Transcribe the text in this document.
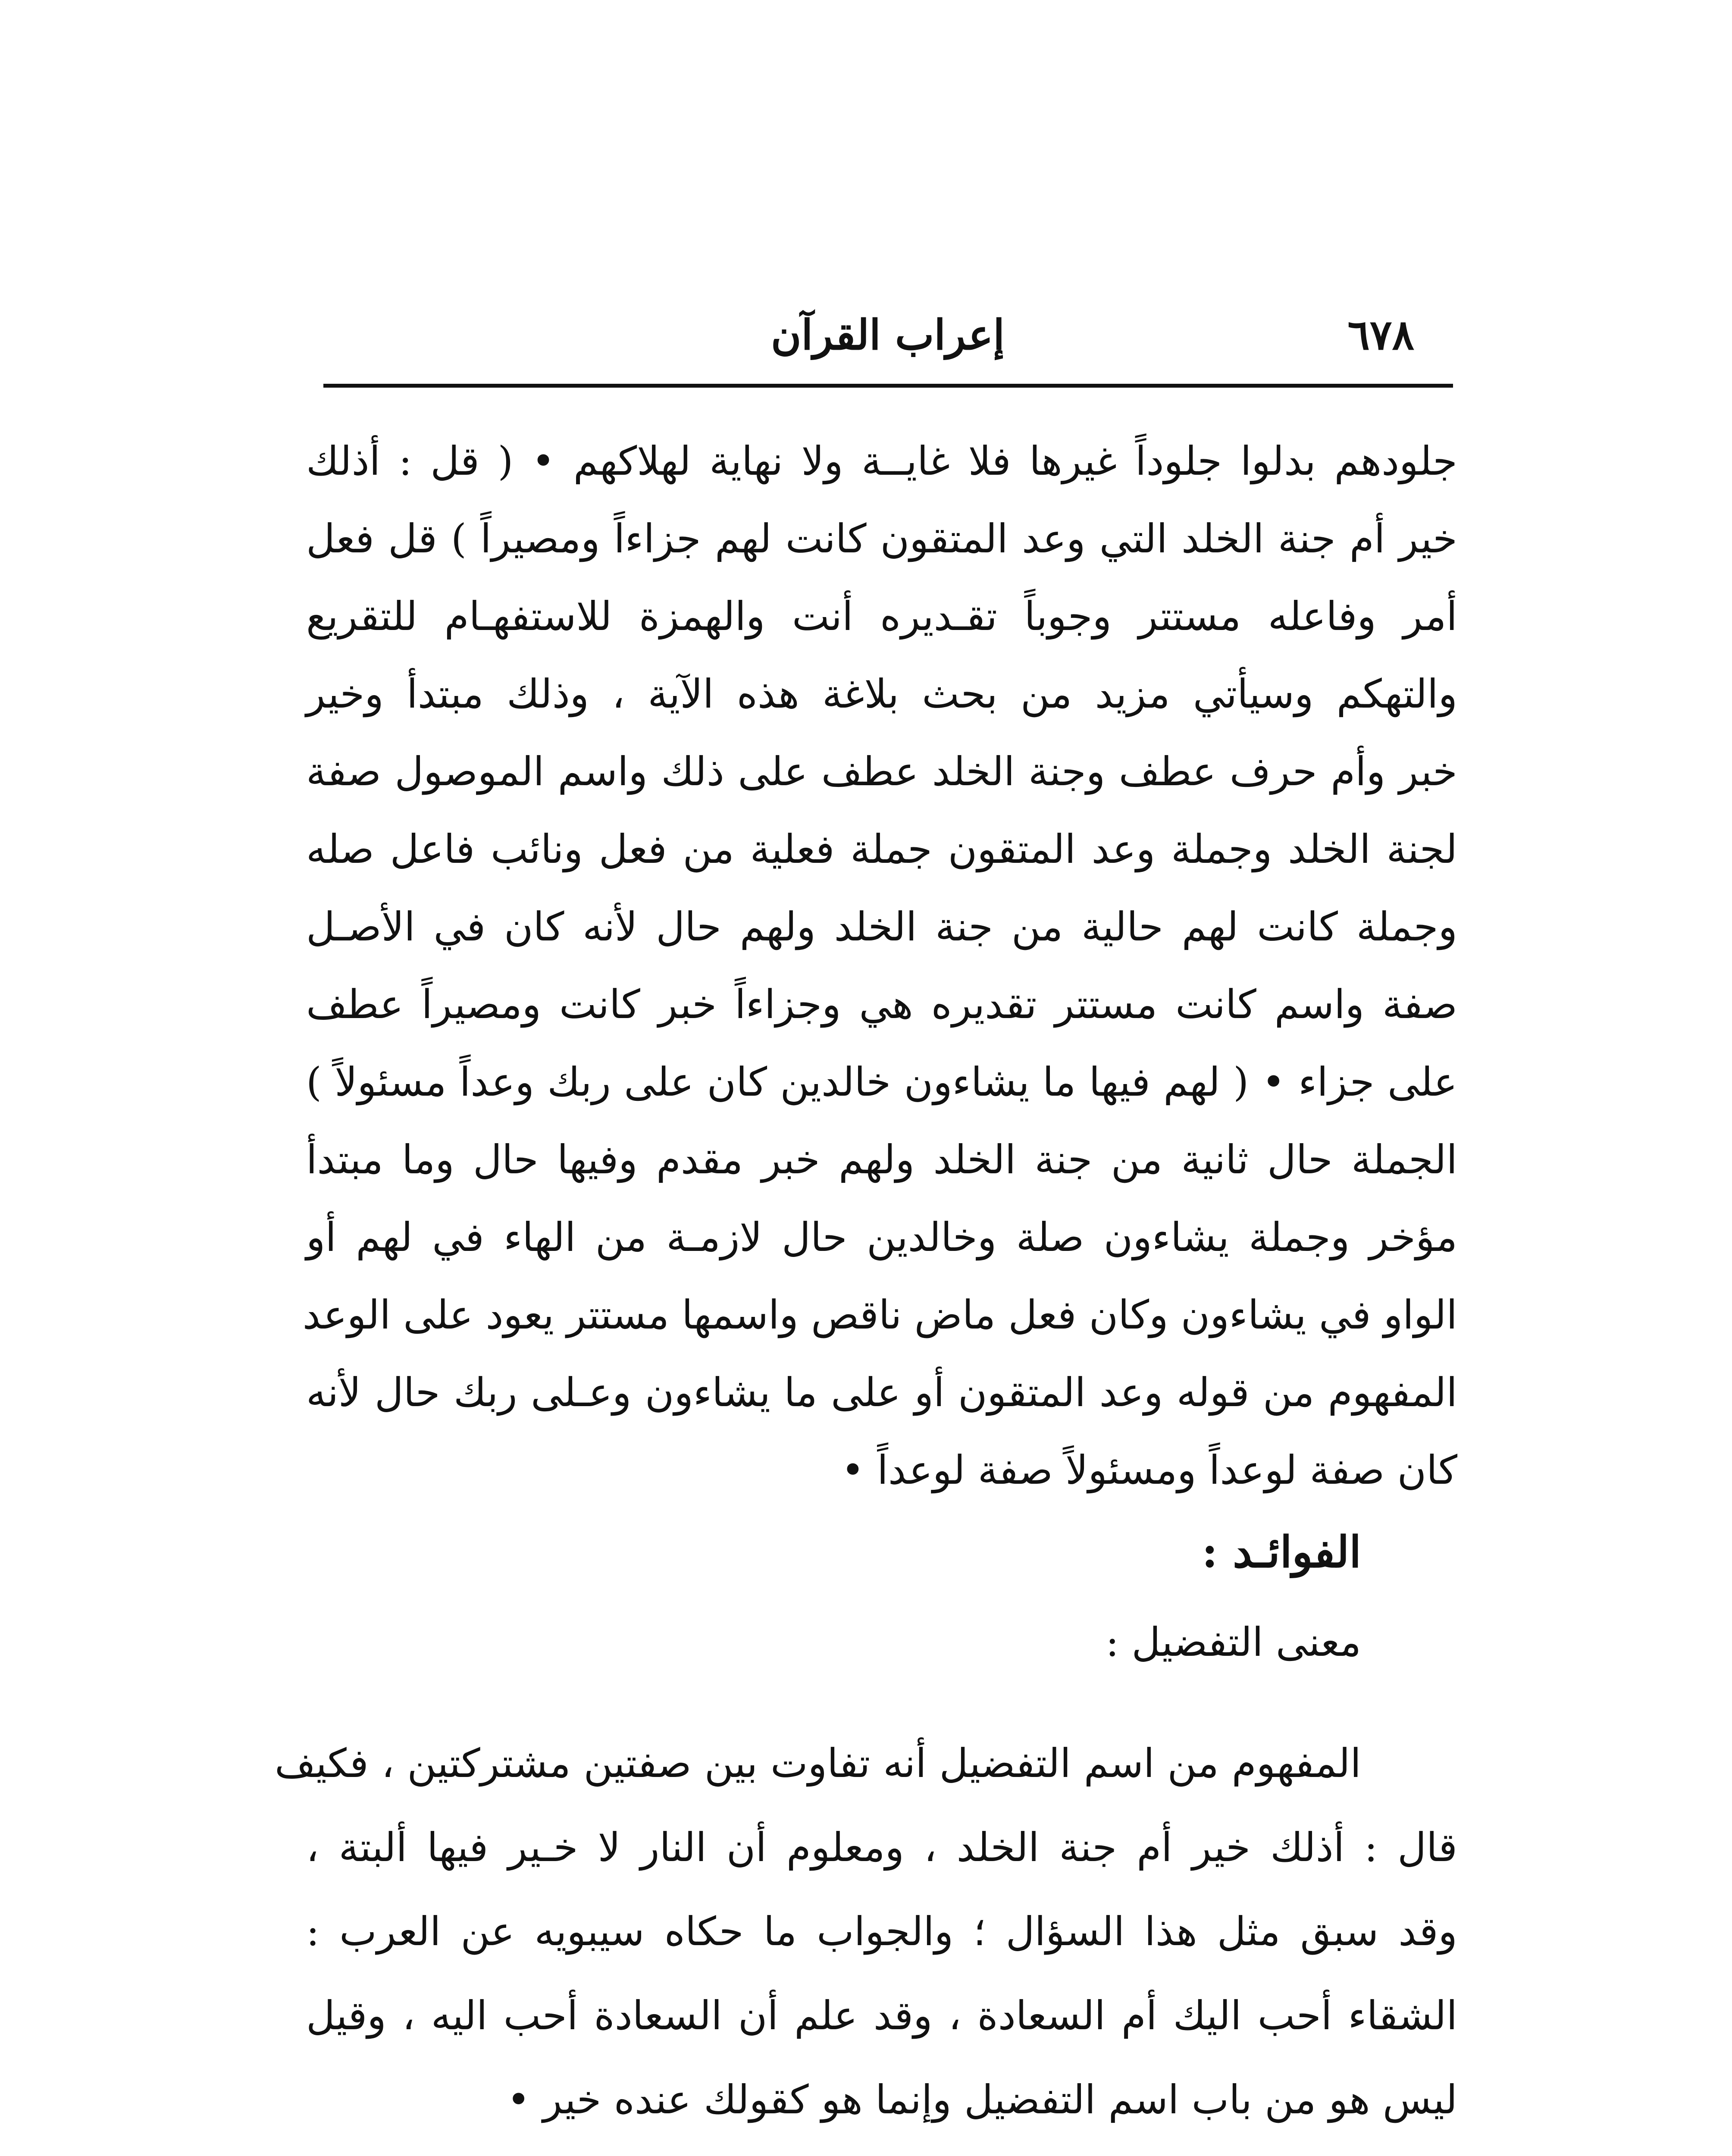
٦٧٨
إعراب القرآن
جلودهم بدلوا جلوداً غيرها فلا غايــة ولا نهاية لهلاكهم • ( قل : أذلك
خير أم جنة الخلد التي وعد المتقون كانت لهم جزاءاً ومصيراً ) قل فعل
أمر وفاعله مستتر وجوباً تقـديره أنت والهمزة للاستفهـام للتقريع
والتهكم وسيأتي مزيد من بحث بلاغة هذه الآية ، وذلك مبتدأ وخير
خبر وأم حرف عطف وجنة الخلد عطف على ذلك واسم الموصول صفة
لجنة الخلد وجملة وعد المتقون جملة فعلية من فعل ونائب فاعل صله
وجملة كانت لهم حالية من جنة الخلد ولهم حال لأنه كان في الأصـل
صفة واسم كانت مستتر تقديره هي وجزاءاً خبر كانت ومصيراً عطف
على جزاء • ( لهم فيها ما يشاءون خالدين كان على ربك وعداً مسئولاً )
الجملة حال ثانية من جنة الخلد ولهم خبر مقدم وفيها حال وما مبتدأ
مؤخر وجملة يشاءون صلة وخالدين حال لازمـة من الهاء في لهم أو
الواو في يشاءون وكان فعل ماض ناقص واسمها مستتر يعود على الوعد
المفهوم من قوله وعد المتقون أو على ما يشاءون وعـلى ربك حال لأنه
كان صفة لوعداً ومسئولاً صفة لوعداً •
الفوائـد :
معنى التفضيل :
المفهوم من اسم التفضيل أنه تفاوت بين صفتين مشتركتين ، فكيف
قال : أذلك خير أم جنة الخلد ، ومعلوم أن النار لا خـير فيها ألبتة ،
وقد سبق مثل هذا السؤال ؛ والجواب ما حكاه سيبويه عن العرب :
الشقاء أحب اليك أم السعادة ، وقد علم أن السعادة أحب اليه ، وقيل
ليس هو من باب اسم التفضيل وإنما هو كقولك عنده خير •
